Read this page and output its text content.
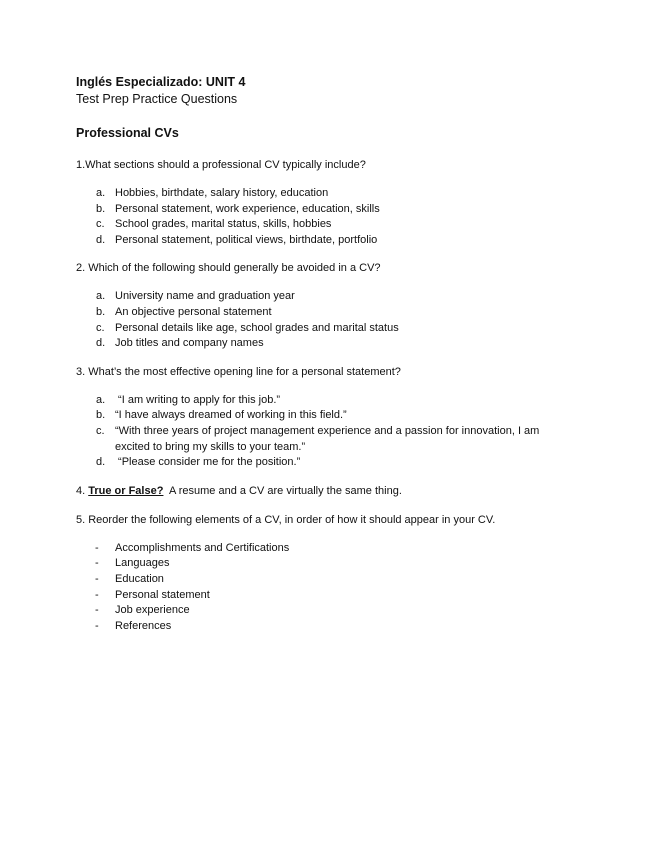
Inglés Especializado: UNIT 4

Test Prep Practice Questions

Professional CVs

1.What sections should a professional CV typically include?

a. Hobbies, birthdate, salary history, education
b. Personal statement, work experience, education, skills
c. School grades, marital status, skills, hobbies
d. Personal statement, political views, birthdate, portfolio

2. Which of the following should generally be avoided in a CV?

a. University name and graduation year
b. An objective personal statement
c. Personal details like age, school grades and marital status
d. Job titles and company names

3. What’s the most effective opening line for a personal statement?

a. “I am writing to apply for this job.”
b. “I have always dreamed of working in this field.”
c. “With three years of project management experience and a passion for innovation, I am excited to bring my skills to your team.”
d. “Please consider me for the position.”

4. True or False?  A resume and a CV are virtually the same thing.

5. Reorder the following elements of a CV, in order of how it should appear in your CV.

- Accomplishments and Certifications
- Languages
- Education
- Personal statement
- Job experience
- References
